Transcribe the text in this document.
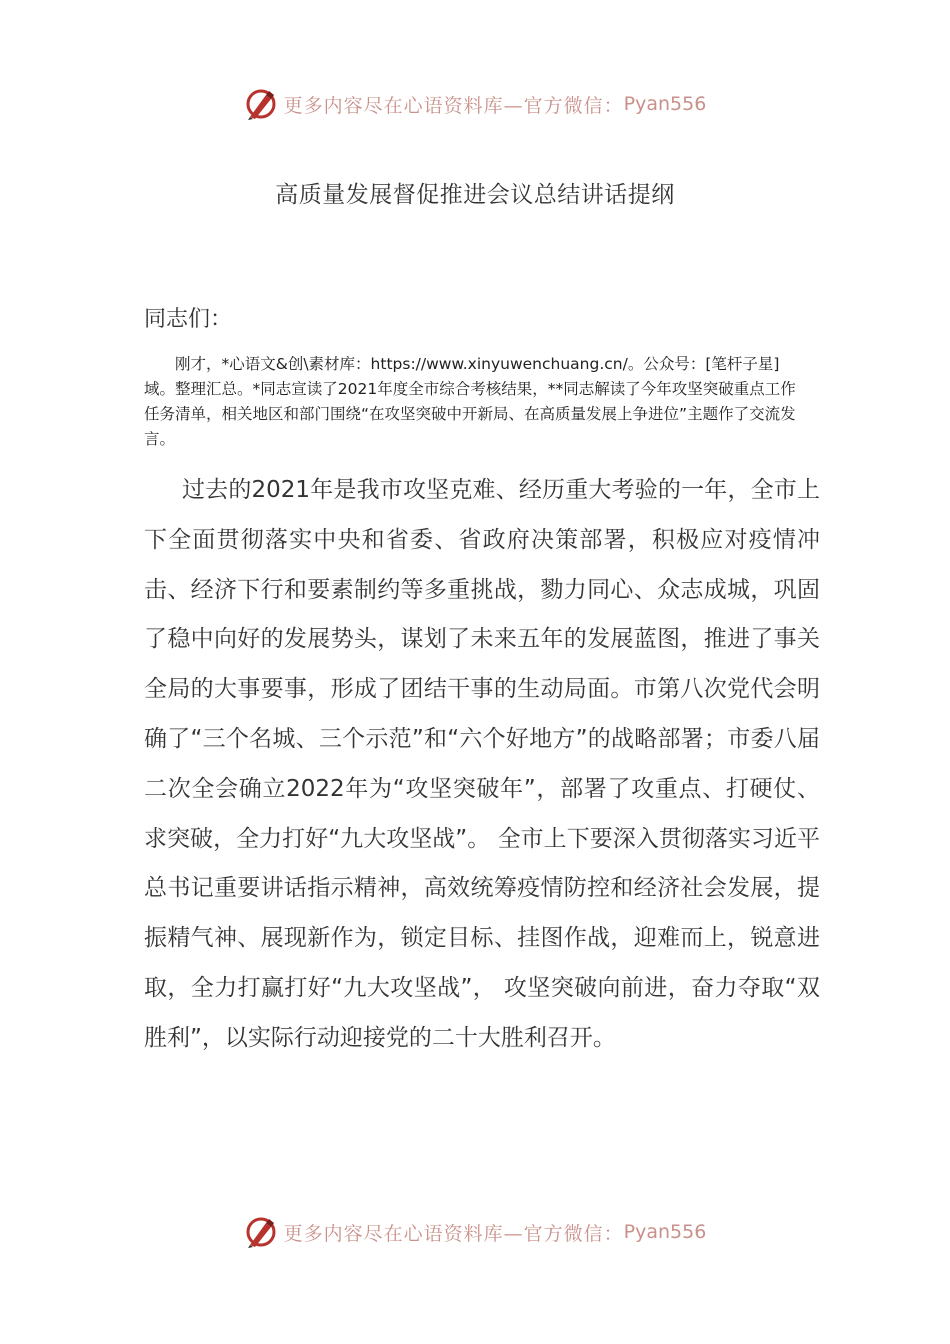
更多内容尽在心语资料库—官方微信： Pyan556
高质量发展督促推进会议总结讲话提纲
同志们：

刚才，*心语文&创\素材库：https://www.xinyuwenchuang.cn/。公众号：[笔杆子星]域。整理汇总。*同志宣读了2021年度全市综合考核结果，**同志解读了今年攻坚突破重点工作任务清单，相关地区和部门围绕“在攻坚突破中开新局、在高质量发展上争进位”主题作了交流发言。

过去的2021年是我市攻坚克难、经历重大考验的一年，全市上下全面贯彻落实中央和省委、省政府决策部署，积极应对疫情冲击、经济下行和要素制约等多重挑战，勠力同心、众志成城，巩固了稳中向好的发展势头，谋划了未来五年的发展蓝图，推进了事关全局的大事要事，形成了团结干事的生动局面。市第八次党代会明确了“三个名城、三个示范”和“六个好地方”的战略部署；市委八届二次全会确立2022年为“攻坚突破年”，部署了攻重点、打硬仗、求突破，全力打好“九大攻坚战”。 全市上下要深入贯彻落实习近平总书记重要讲话指示精神，高效统筹疫情防控和经济社会发展，提振精气神、展现新作为，锁定目标、挂图作战，迎难而上，锐意进取，全力打赢打好“九大攻坚战”， 攻坚突破向前进，奋力夺取“双胜利”，以实际行动迎接党的二十大胜利召开。

更多内容尽在心语资料库—官方微信： Pyan556
